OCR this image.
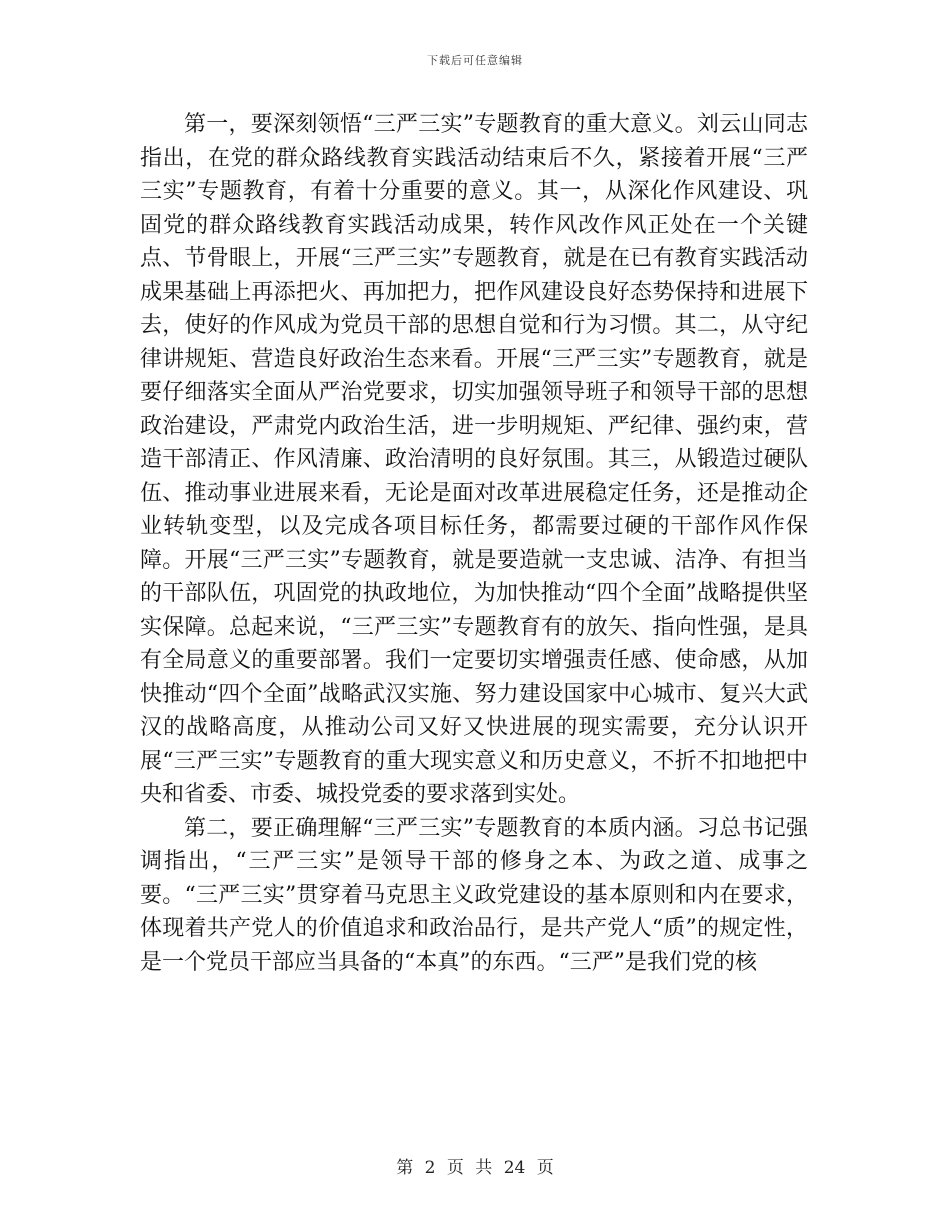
下载后可任意编辑

第一，要深刻领悟“三严三实”专题教育的重大意义。刘云山同志指出，在党的群众路线教育实践活动结束后不久，紧接着开展“三严三实”专题教育，有着十分重要的意义。其一，从深化作风建设、巩固党的群众路线教育实践活动成果，转作风改作风正处在一个关键点、节骨眼上，开展“三严三实”专题教育，就是在已有教育实践活动成果基础上再添把火、再加把力，把作风建设良好态势保持和进展下去，使好的作风成为党员干部的思想自觉和行为习惯。其二，从守纪律讲规矩、营造良好政治生态来看。开展“三严三实”专题教育，就是要仔细落实全面从严治党要求，切实加强领导班子和领导干部的思想政治建设，严肃党内政治生活，进一步明规矩、严纪律、强约束，营造干部清正、作风清廉、政治清明的良好氛围。其三，从锻造过硬队伍、推动事业进展来看，无论是面对改革进展稳定任务，还是推动企业转轨变型，以及完成各项目标任务，都需要过硬的干部作风作保障。开展“三严三实”专题教育，就是要造就一支忠诚、洁净、有担当的干部队伍，巩固党的执政地位，为加快推动“四个全面”战略提供坚实保障。总起来说，“三严三实”专题教育有的放矢、指向性强，是具有全局意义的重要部署。我们一定要切实增强责任感、使命感，从加快推动“四个全面”战略武汉实施、努力建设国家中心城市、复兴大武汉的战略高度，从推动公司又好又快进展的现实需要，充分认识开展“三严三实”专题教育的重大现实意义和历史意义，不折不扣地把中央和省委、市委、城投党委的要求落到实处。

第二，要正确理解“三严三实”专题教育的本质内涵。习总书记强调指出，“三严三实”是领导干部的修身之本、为政之道、成事之要。“三严三实”贯穿着马克思主义政党建设的基本原则和内在要求，体现着共产党人的价值追求和政治品行，是共产党人“质”的规定性，是一个党员干部应当具备的“本真”的东西。“三严”是我们党的核

第 2 页 共 24 页
